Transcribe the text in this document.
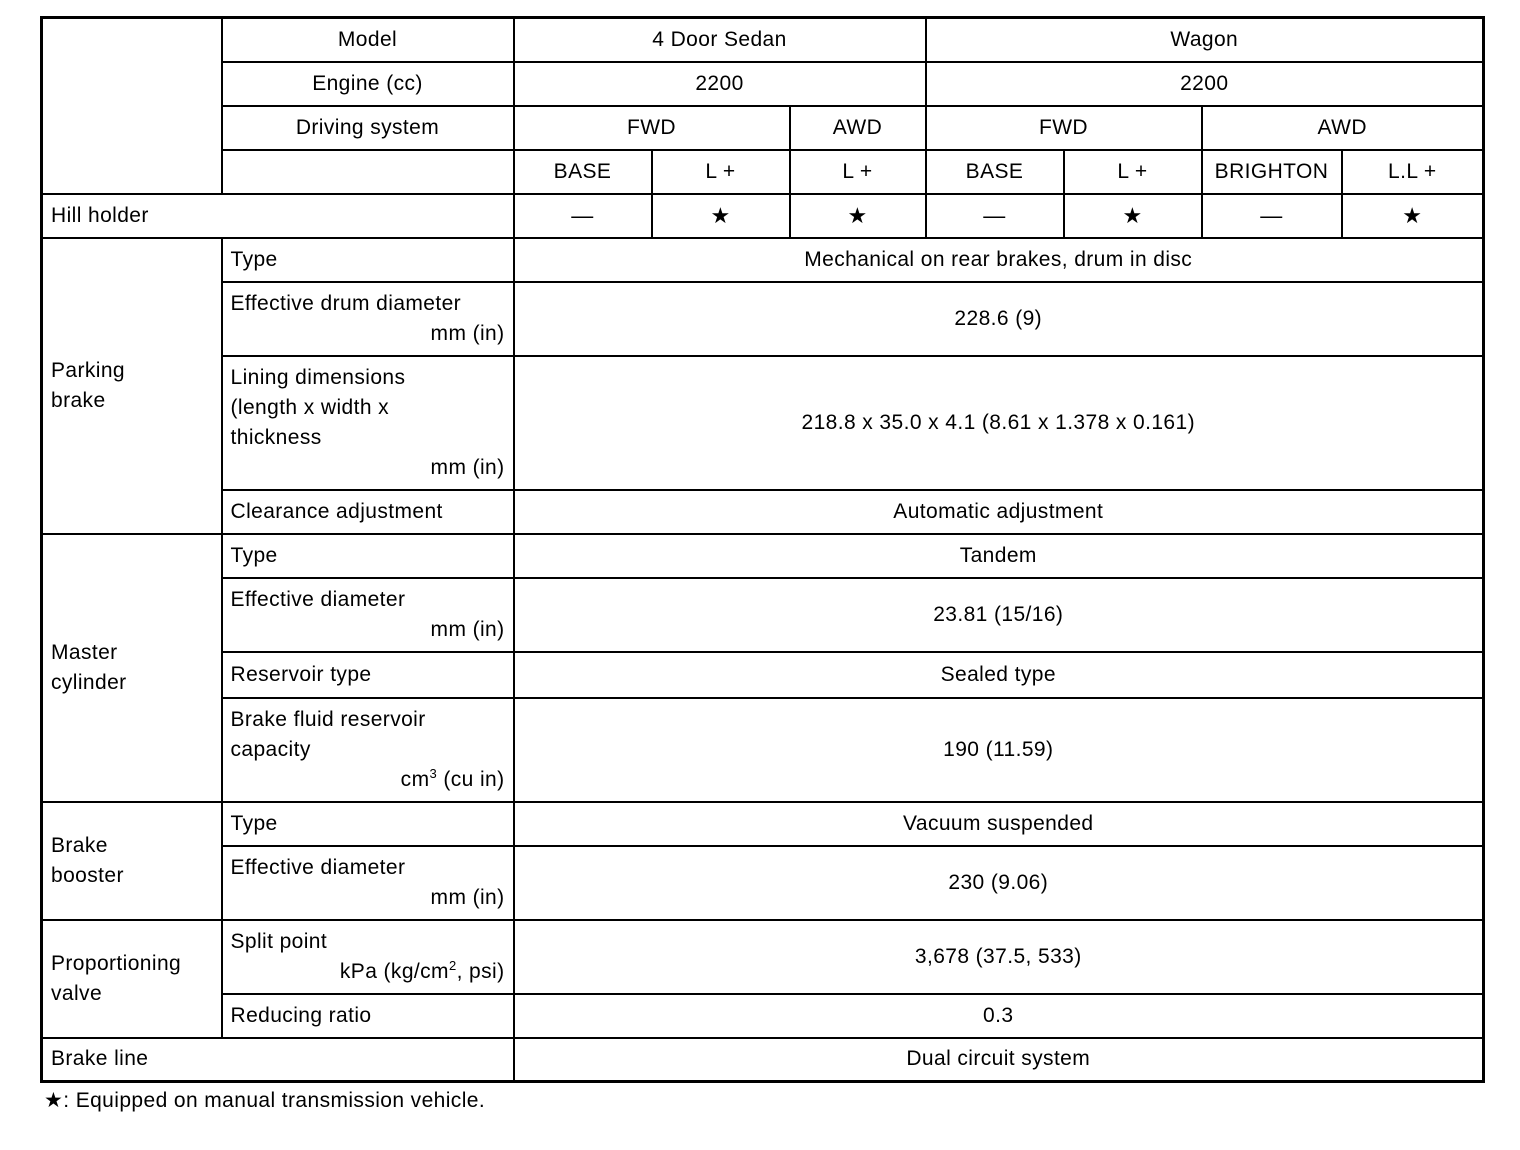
	Model	4 Door Sedan			Wagon			
	Engine (cc)	2200			2200			
	Driving system	FWD		AWD	FWD		AWD	
		BASE	L +	L +	BASE	L +	BRIGHTON	L.L +
Hill holder		—	★	★	—	★	—	★

Parking
brake	Type	Mechanical on rear brakes, drum in disc						

	Effective drum diameter
mm (in)	228.6 (9)						

	Lining dimensions
(length x width x
thickness
mm (in)	218.8 x 35.0 x 4.1 (8.61 x 1.378 x 0.161)						
	Clearance adjustment	Automatic adjustment						

Master
cylinder	Type	Tandem						

	Effective diameter
mm (in)	23.81 (15/16)						
	Reservoir type	Sealed type						

	Brake fluid reservoir
capacity
$cm^3$ (cu in)	190 (11.59)						

Brake
booster	Type	Vacuum suspended						

	Effective diameter
mm (in)	230 (9.06)						

Proportioning
valve	Split point
kPa ($kg/cm^2$, psi)	3,678 (37.5, 533)						
	Reducing ratio	0.3						
Brake line		Dual circuit system						
★: Equipped on manual transmission vehicle.
